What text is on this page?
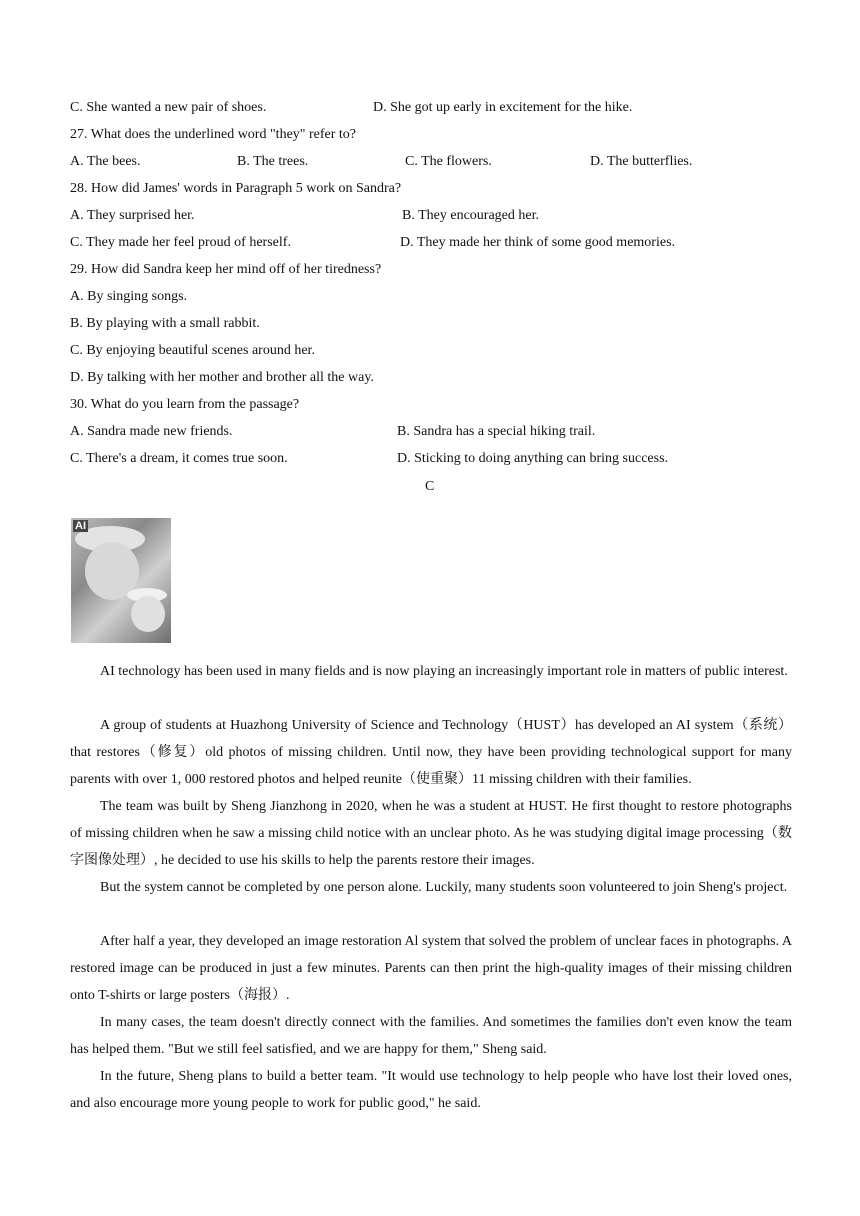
C. She wanted a new pair of shoes.	D. She got up early in excitement for the hike.
27. What does the underlined word "they" refer to?
A. The bees.	B. The trees.	C. The flowers.	D. The butterflies.
28. How did James' words in Paragraph 5 work on Sandra?
A. They surprised her.	B. They encouraged her.
C. They made her feel proud of herself.	D. They made her think of some good memories.
29. How did Sandra keep her mind off of her tiredness?
A. By singing songs.
B. By playing with a small rabbit.
C. By enjoying beautiful scenes around her.
D. By talking with her mother and brother all the way.
30. What do you learn from the passage?
A. Sandra made new friends.	B. Sandra has a special hiking trail.
C. There's a dream, it comes true soon.	D. Sticking to doing anything can bring success.
C
AI
AI technology has been used in many fields and is now playing an increasingly important role in matters of public interest.
A group of students at Huazhong University of Science and Technology（HUST）has developed an AI system（系统）that restores（修复）old photos of missing children. Until now, they have been providing technological support for many parents with over 1, 000 restored photos and helped reunite（使重聚）11 missing children with their families.
The team was built by Sheng Jianzhong in 2020, when he was a student at HUST. He first thought to restore photographs of missing children when he saw a missing child notice with an unclear photo. As he was studying digital image processing（数字图像处理）, he decided to use his skills to help the parents restore their images.
But the system cannot be completed by one person alone. Luckily, many students soon volunteered to join Sheng's project.
After half a year, they developed an image restoration Al system that solved the problem of unclear faces in photographs. A restored image can be produced in just a few minutes. Parents can then print the high-quality images of their missing children onto T-shirts or large posters（海报）.
In many cases, the team doesn't directly connect with the families. And sometimes the families don't even know the team has helped them. "But we still feel satisfied, and we are happy for them," Sheng said.
In the future, Sheng plans to build a better team. "It would use technology to help people who have lost their loved ones, and also encourage more young people to work for public good," he said.
